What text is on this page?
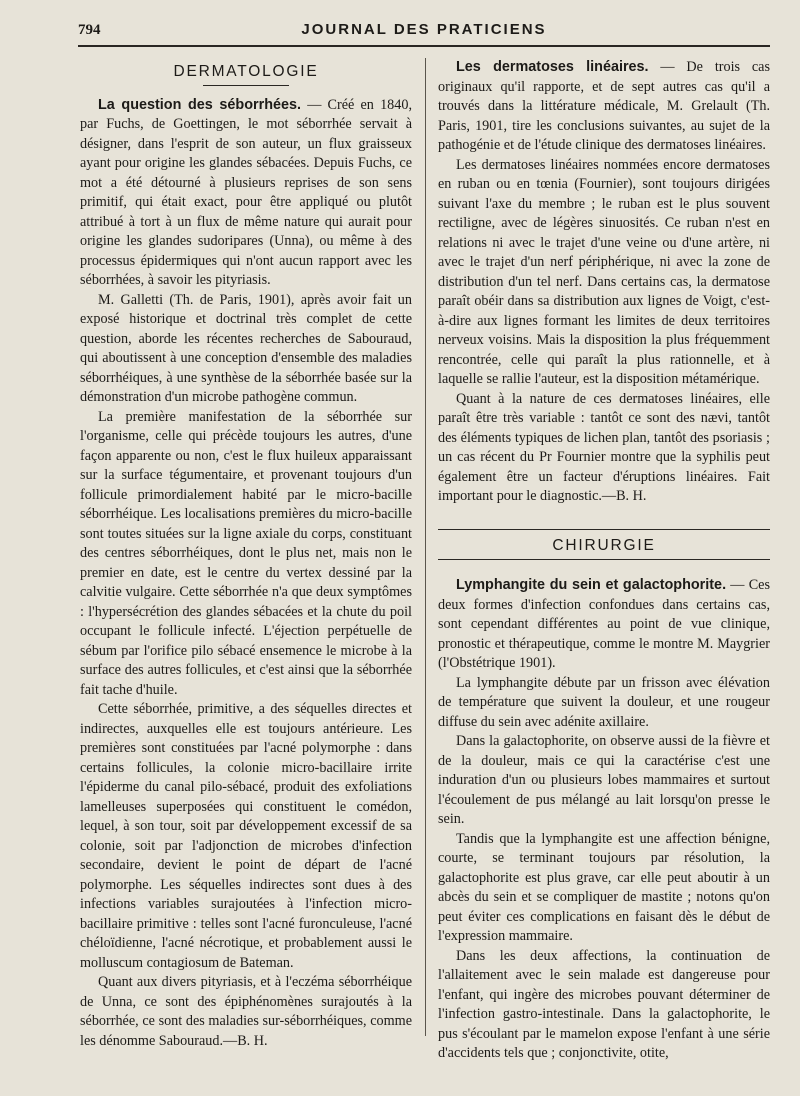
794	JOURNAL DES PRATICIENS
DERMATOLOGIE

La question des séborrhées. — Créé en 1840, par Fuchs, de Goettingen, le mot séborrhée servait à désigner, dans l'esprit de son auteur, un flux graisseux ayant pour origine les glandes sébacées. Depuis Fuchs, ce mot a été détourné à plusieurs reprises de son sens primitif, qui était exact, pour être appliqué ou plutôt attribué à tort à un flux de même nature qui aurait pour origine les glandes sudoripares (Unna), ou même à des processus épidermiques qui n'ont aucun rapport avec les séborrhées, à savoir les pityriasis.

M. Galletti (Th. de Paris, 1901), après avoir fait un exposé historique et doctrinal très complet de cette question, aborde les récentes recherches de Sabouraud, qui aboutissent à une conception d'ensemble des maladies séborrhéiques, à une synthèse de la séborrhée basée sur la démonstration d'un microbe pathogène commun.

La première manifestation de la séborrhée sur l'organisme, celle qui précède toujours les autres, d'une façon apparente ou non, c'est le flux huileux apparaissant sur la surface tégumentaire, et provenant toujours d'un follicule primordialement habité par le micro-bacille séborrhéique. Les localisations premières du micro-bacille sont toutes situées sur la ligne axiale du corps, constituant des centres séborrhéiques, dont le plus net, mais non le premier en date, est le centre du vertex dessiné par la calvitie vulgaire. Cette séborrhée n'a que deux symptômes : l'hypersécrétion des glandes sébacées et la chute du poil occupant le follicule infecté. L'éjection perpétuelle de sébum par l'orifice pilo sébacé ensemence le microbe à la surface des autres follicules, et c'est ainsi que la séborrhée fait tache d'huile.

Cette séborrhée, primitive, a des séquelles directes et indirectes, auxquelles elle est toujours antérieure. Les premières sont constituées par l'acné polymorphe : dans certains follicules, la colonie micro-bacillaire irrite l'épiderme du canal pilo-sébacé, produit des exfoliations lamelleuses superposées qui constituent le comédon, lequel, à son tour, soit par développement excessif de sa colonie, soit par l'adjonction de microbes d'infection secondaire, devient le point de départ de l'acné polymorphe. Les séquelles indirectes sont dues à des infections variables surajoutées à l'infection micro-bacillaire primitive : telles sont l'acné furonculeuse, l'acné chéloïdienne, l'acné nécrotique, et probablement aussi le molluscum contagiosum de Bateman.

Quant aux divers pityriasis, et à l'eczéma séborrhéique de Unna, ce sont des épiphénomènes surajoutés à la séborrhée, ce sont des maladies sur-séborrhéiques, comme les dénomme Sabouraud.—B. H.

Les dermatoses linéaires. — De trois cas originaux qu'il rapporte, et de sept autres cas qu'il a trouvés dans la littérature médicale, M. Grelault (Th. Paris, 1901, tire les conclusions suivantes, au sujet de la pathogénie et de l'étude clinique des dermatoses linéaires.

Les dermatoses linéaires nommées encore dermatoses en ruban ou en tœnia (Fournier), sont toujours dirigées suivant l'axe du membre ; le ruban est le plus souvent rectiligne, avec de légères sinuosités. Ce ruban n'est en relations ni avec le trajet d'une veine ou d'une artère, ni avec le trajet d'un nerf périphérique, ni avec la zone de distribution d'un tel nerf. Dans certains cas, la dermatose paraît obéir dans sa distribution aux lignes de Voigt, c'est-à-dire aux lignes formant les limites de deux territoires nerveux voisins. Mais la disposition la plus fréquemment rencontrée, celle qui paraît la plus rationnelle, et à laquelle se rallie l'auteur, est la disposition métamérique.

Quant à la nature de ces dermatoses linéaires, elle paraît être très variable : tantôt ce sont des nævi, tantôt des éléments typiques de lichen plan, tantôt des psoriasis ; un cas récent du Pr Fournier montre que la syphilis peut également être un facteur d'éruptions linéaires. Fait important pour le diagnostic.—B. H.

CHIRURGIE

Lymphangite du sein et galactophorite. — Ces deux formes d'infection confondues dans certains cas, sont cependant différentes au point de vue clinique, pronostic et thérapeutique, comme le montre M. Maygrier (l'Obstétrique 1901).

La lymphangite débute par un frisson avec élévation de température que suivent la douleur, et une rougeur diffuse du sein avec adénite axillaire.

Dans la galactophorite, on observe aussi de la fièvre et de la douleur, mais ce qui la caractérise c'est une induration d'un ou plusieurs lobes mammaires et surtout l'écoulement de pus mélangé au lait lorsqu'on presse le sein.

Tandis que la lymphangite est une affection bénigne, courte, se terminant toujours par résolution, la galactophorite est plus grave, car elle peut aboutir à un abcès du sein et se compliquer de mastite ; notons qu'on peut éviter ces complications en faisant dès le début de l'expression mammaire.

Dans les deux affections, la continuation de l'allaitement avec le sein malade est dangereuse pour l'enfant, qui ingère des microbes pouvant déterminer de l'infection gastro-intestinale. Dans la galactophorite, le pus s'écoulant par le mamelon expose l'enfant à une série d'accidents tels que ; conjonctivite, otite,
